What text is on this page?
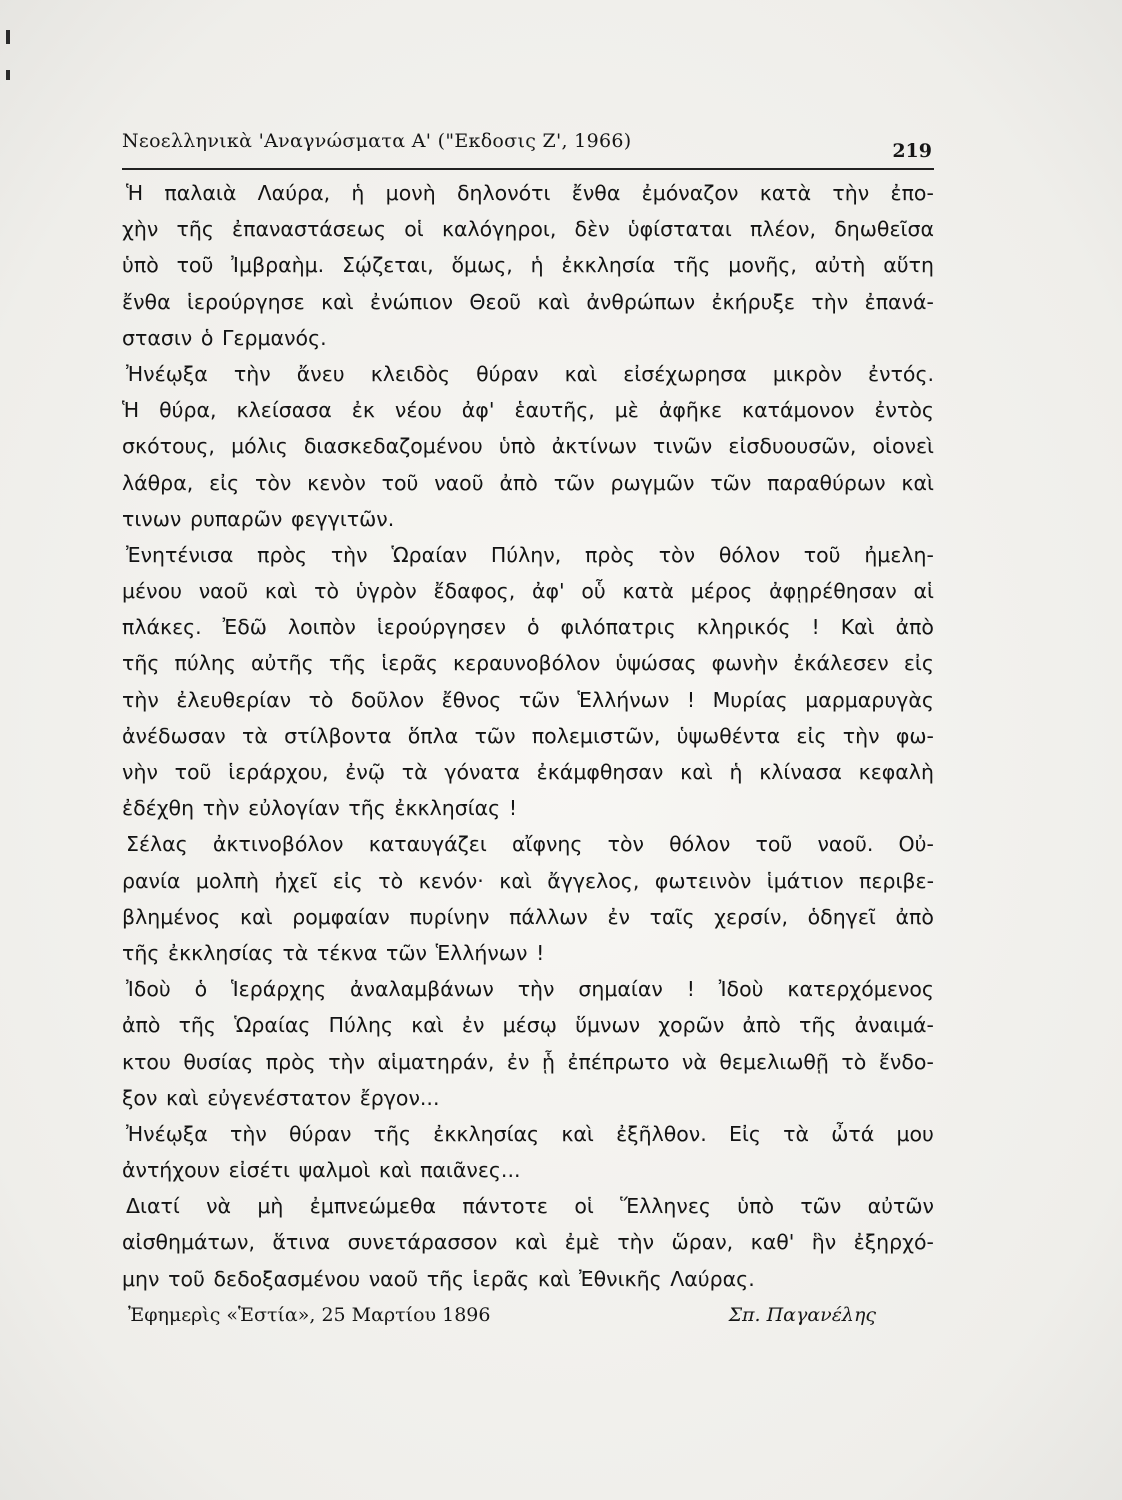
Νεοελληνικὰ 'Αναγνώσματα Α' ("Εκδοσις Ζ', 1966)	219
Ἡ παλαιὰ Λαύρα, ἡ μονὴ δηλονότι ἔνθα ἐμόναζον κατὰ τὴν ἐπο-
χὴν τῆς ἐπαναστάσεως οἱ καλόγηροι, δὲν ὑφίσταται πλέον, δηωθεῖσα
ὑπὸ τοῦ Ἰμβραὴμ. Σῴζεται, ὅμως, ἡ ἐκκλησία τῆς μονῆς, αὐτὴ αὕτη
ἔνθα ἱερούργησε καὶ ἐνώπιον Θεοῦ καὶ ἀνθρώπων ἐκήρυξε τὴν ἐπανά-
στασιν ὁ Γερμανός.
Ἠνέῳξα τὴν ἄνευ κλειδὸς θύραν καὶ εἰσέχωρησα μικρὸν ἐντός.
Ἡ θύρα, κλείσασα ἐκ νέου ἀφ' ἑαυτῆς, μὲ ἀφῆκε κατάμονον ἐντὸς
σκότους, μόλις διασκεδαζομένου ὑπὸ ἀκτίνων τινῶν εἰσδυουσῶν, οἱονεὶ
λάθρα, εἰς τὸν κενὸν τοῦ ναοῦ ἀπὸ τῶν ρωγμῶν τῶν παραθύρων καὶ
τινων ρυπαρῶν φεγγιτῶν.
Ἐνητένισα πρὸς τὴν Ὡραίαν Πύλην, πρὸς τὸν θόλον τοῦ ἠμελη-
μένου ναοῦ καὶ τὸ ὑγρὸν ἔδαφος, ἀφ' οὗ κατὰ μέρος ἀφῃρέθησαν αἱ
πλάκες. Ἐδῶ λοιπὸν ἱερούργησεν ὁ φιλόπατρις κληρικός ! Καὶ ἀπὸ
τῆς πύλης αὐτῆς τῆς ἱερᾶς κεραυνοβόλον ὑψώσας φωνὴν ἐκάλεσεν εἰς
τὴν ἐλευθερίαν τὸ δοῦλον ἔθνος τῶν Ἑλλήνων ! Μυρίας μαρμαρυγὰς
ἀνέδωσαν τὰ στίλβοντα ὅπλα τῶν πολεμιστῶν, ὑψωθέντα εἰς τὴν φω-
νὴν τοῦ ἱεράρχου, ἐνῷ τὰ γόνατα ἐκάμφθησαν καὶ ἡ κλίνασα κεφαλὴ
ἐδέχθη τὴν εὐλογίαν τῆς ἐκκλησίας !
Σέλας ἀκτινοβόλον καταυγάζει αἴφνης τὸν θόλον τοῦ ναοῦ. Οὐ-
ρανία μολπὴ ἠχεῖ εἰς τὸ κενόν· καὶ ἄγγελος, φωτεινὸν ἱμάτιον περιβε-
βλημένος καὶ ρομφαίαν πυρίνην πάλλων ἐν ταῖς χερσίν, ὁδηγεῖ ἀπὸ
τῆς ἐκκλησίας τὰ τέκνα τῶν Ἑλλήνων !
Ἰδοὺ ὁ Ἱεράρχης ἀναλαμβάνων τὴν σημαίαν ! Ἰδοὺ κατερχόμενος
ἀπὸ τῆς Ὡραίας Πύλης καὶ ἐν μέσῳ ὕμνων χορῶν ἀπὸ τῆς ἀναιμά-
κτου θυσίας πρὸς τὴν αἱματηράν, ἐν ᾗ ἐπέπρωτο νὰ θεμελιωθῇ τὸ ἔνδο-
ξον καὶ εὐγενέστατον ἔργον...
Ἠνέῳξα τὴν θύραν τῆς ἐκκλησίας καὶ ἐξῆλθον. Εἰς τὰ ὦτά μου
ἀντήχουν εἰσέτι ψαλμοὶ καὶ παιᾶνες...
Διατί νὰ μὴ ἐμπνεώμεθα πάντοτε οἱ Ἕλληνες ὑπὸ τῶν αὐτῶν
αἰσθημάτων, ἅτινα συνετάρασσον καὶ ἐμὲ τὴν ὥραν, καθ' ἣν ἐξηρχό-
μην τοῦ δεδοξασμένου ναοῦ τῆς ἱερᾶς καὶ Ἐθνικῆς Λαύρας.
Ἐφημερὶς «Ἑστία», 25 Μαρτίου 1896	Σπ. Παγανέλης
